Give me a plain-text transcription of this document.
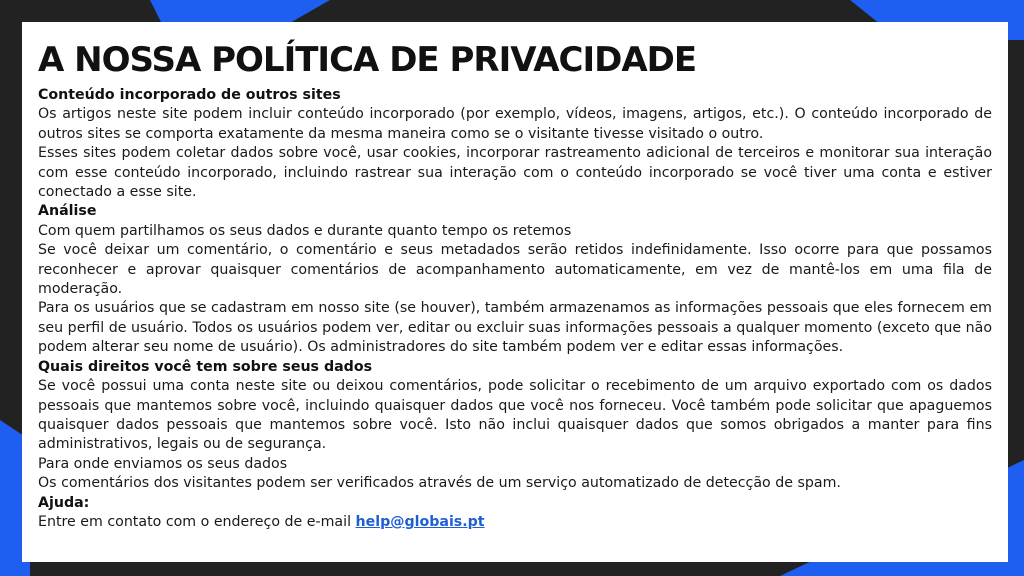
A NOSSA POLÍTICA DE PRIVACIDADE
Conteúdo incorporado de outros sites

Os artigos neste site podem incluir conteúdo incorporado (por exemplo, vídeos, imagens, artigos, etc.). O conteúdo incorporado de outros sites se comporta exatamente da mesma maneira como se o visitante tivesse visitado o outro.

Esses sites podem coletar dados sobre você, usar cookies, incorporar rastreamento adicional de terceiros e monitorar sua interação com esse conteúdo incorporado, incluindo rastrear sua interação com o conteúdo incorporado se você tiver uma conta e estiver conectado a esse site.

Análise

Com quem partilhamos os seus dados e durante quanto tempo os retemos

Se você deixar um comentário, o comentário e seus metadados serão retidos indefinidamente. Isso ocorre para que possamos reconhecer e aprovar quaisquer comentários de acompanhamento automaticamente, em vez de mantê-los em uma fila de moderação.

Para os usuários que se cadastram em nosso site (se houver), também armazenamos as informações pessoais que eles fornecem em seu perfil de usuário. Todos os usuários podem ver, editar ou excluir suas informações pessoais a qualquer momento (exceto que não podem alterar seu nome de usuário). Os administradores do site também podem ver e editar essas informações.

Quais direitos você tem sobre seus dados

Se você possui uma conta neste site ou deixou comentários, pode solicitar o recebimento de um arquivo exportado com os dados pessoais que mantemos sobre você, incluindo quaisquer dados que você nos forneceu. Você também pode solicitar que apaguemos quaisquer dados pessoais que mantemos sobre você. Isto não inclui quaisquer dados que somos obrigados a manter para fins administrativos, legais ou de segurança.

Para onde enviamos os seus dados

Os comentários dos visitantes podem ser verificados através de um serviço automatizado de detecção de spam.

Ajuda:

Entre em contato com o endereço de e-mail help@globais.pt
